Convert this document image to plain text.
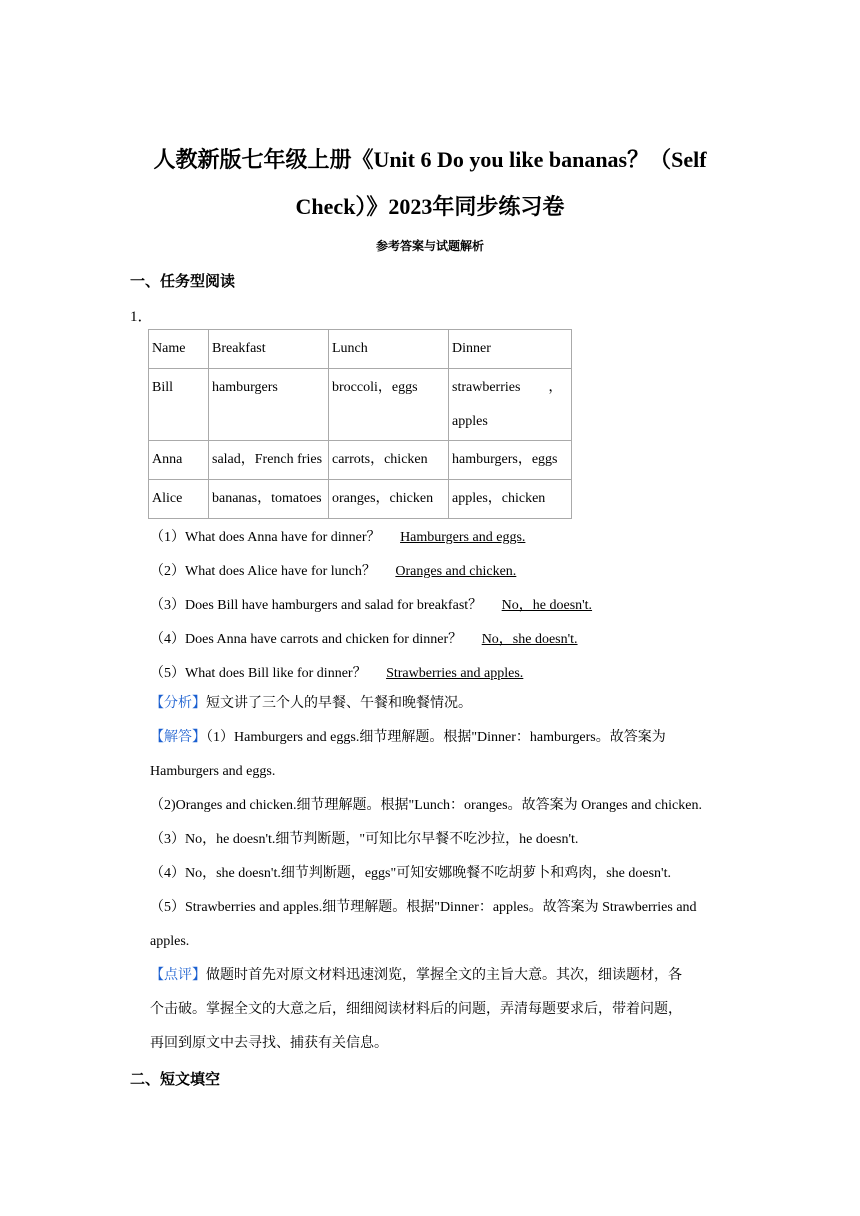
人教新版七年级上册《Unit 6 Do you like bananas？（Self
Check）》2023年同步练习卷
参考答案与试题解析
一、任务型阅读
1．
Name	Breakfast	Lunch	Dinner
Bill	hamburgers	broccoli，eggs	strawberries　　，
apples

Anna	salad，French fries	carrots，chicken	hamburgers，eggs
Alice	bananas，tomatoes	oranges，chicken	apples，chicken
（1）What does Anna have for dinner？ Hamburgers and eggs.
（2）What does Alice have for lunch？ Oranges and chicken.
（3）Does Bill have hamburgers and salad for breakfast？ No，he doesn't.
（4）Does Anna have carrots and chicken for dinner？ No，she doesn't.
（5）What does Bill like for dinner？ Strawberries and apples.
【分析】短文讲了三个人的早餐、午餐和晚餐情况。
【解答】（1）Hamburgers and eggs.细节理解题。根据"Dinner：hamburgers。故答案为
Hamburgers and eggs.
（2)Oranges and chicken.细节理解题。根据"Lunch：oranges。故答案为 Oranges and chicken.
（3）No，he doesn't.细节判断题，"可知比尔早餐不吃沙拉，he doesn't.
（4）No，she doesn't.细节判断题，eggs"可知安娜晚餐不吃胡萝卜和鸡肉，she doesn't.
（5）Strawberries and apples.细节理解题。根据"Dinner：apples。故答案为 Strawberries and
apples.
【点评】做题时首先对原文材料迅速浏览，掌握全文的主旨大意。其次，细读题材，各
个击破。掌握全文的大意之后，细细阅读材料后的问题，弄清每题要求后，带着问题，
再回到原文中去寻找、捕获有关信息。
二、短文填空
